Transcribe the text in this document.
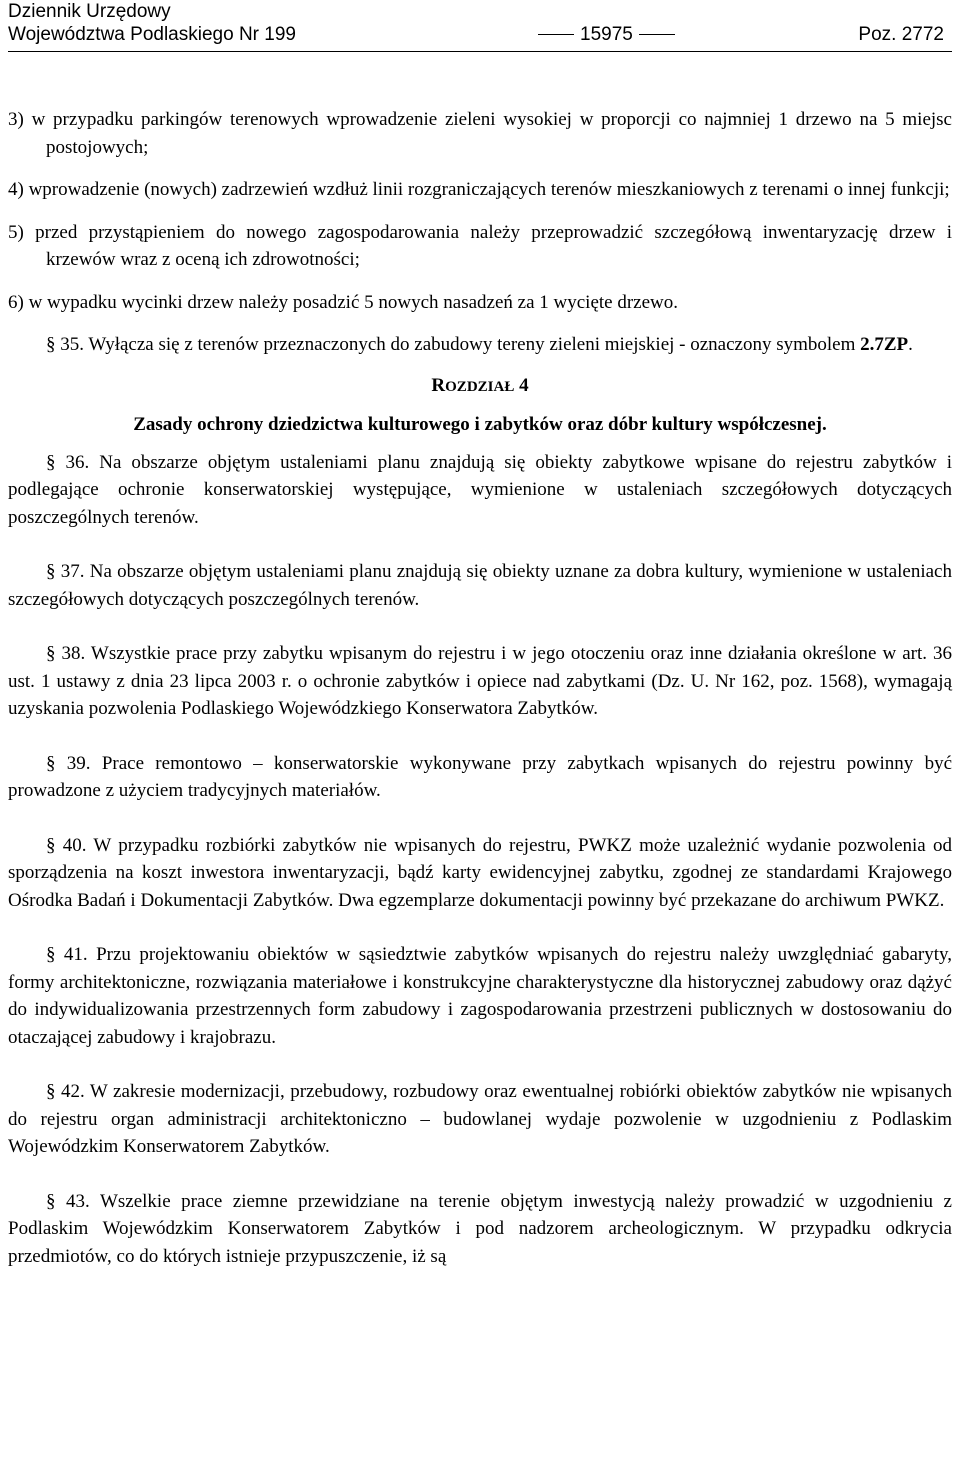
Dziennik Urzędowy
Województwa Podlaskiego Nr 199	15975	Poz. 2772

3) w przypadku parkingów terenowych wprowadzenie zieleni wysokiej w proporcji co najmniej 1 drzewo na 5 miejsc postojowych;

4) wprowadzenie (nowych) zadrzewień wzdłuż linii rozgraniczających terenów mieszkaniowych z terenami o innej funkcji;

5) przed przystąpieniem do nowego zagospodarowania należy przeprowadzić szczegółową inwentaryzację drzew i krzewów wraz z oceną ich zdrowotności;

6) w wypadku wycinki drzew należy posadzić 5 nowych nasadzeń za 1 wycięte drzewo.

§ 35. Wyłącza się z terenów przeznaczonych do zabudowy tereny zieleni miejskiej - oznaczony symbolem 2.7ZP.

ROZDZIAŁ 4
Zasady ochrony dziedzictwa kulturowego i zabytków oraz dóbr kultury współczesnej.

§ 36. Na obszarze objętym ustaleniami planu znajdują się obiekty zabytkowe wpisane do rejestru zabytków i podlegające ochronie konserwatorskiej występujące, wymienione w ustaleniach szczegółowych dotyczących poszczególnych terenów.

§ 37. Na obszarze objętym ustaleniami planu znajdują się obiekty uznane za dobra kultury, wymienione w ustaleniach szczegółowych dotyczących poszczególnych terenów.

§ 38. Wszystkie prace przy zabytku wpisanym do rejestru i w jego otoczeniu oraz inne działania określone w art. 36 ust. 1 ustawy z dnia 23 lipca 2003 r. o ochronie zabytków i opiece nad zabytkami (Dz. U. Nr 162, poz. 1568), wymagają uzyskania pozwolenia Podlaskiego Wojewódzkiego Konserwatora Zabytków.

§ 39. Prace remontowo – konserwatorskie wykonywane przy zabytkach wpisanych do rejestru powinny być prowadzone z użyciem tradycyjnych materiałów.

§ 40. W przypadku rozbiórki zabytków nie wpisanych do rejestru, PWKZ może uzależnić wydanie pozwolenia od sporządzenia na koszt inwestora inwentaryzacji, bądź karty ewidencyjnej zabytku, zgodnej ze standardami Krajowego Ośrodka Badań i Dokumentacji Zabytków. Dwa egzemplarze dokumentacji powinny być przekazane do archiwum PWKZ.

§ 41. Przu projektowaniu obiektów w sąsiedztwie zabytków wpisanych do rejestru należy uwzględniać gabaryty, formy architektoniczne, rozwiązania materiałowe i konstrukcyjne charakterystyczne dla historycznej zabudowy oraz dążyć do indywidualizowania przestrzennych form zabudowy i zagospodarowania przestrzeni publicznych w dostosowaniu do otaczającej zabudowy i krajobrazu.

§ 42. W zakresie modernizacji, przebudowy, rozbudowy oraz ewentualnej robiórki obiektów zabytków nie wpisanych do rejestru organ administracji architektoniczno – budowlanej wydaje pozwolenie w uzgodnieniu z Podlaskim Wojewódzkim Konserwatorem Zabytków.

§ 43. Wszelkie prace ziemne przewidziane na terenie objętym inwestycją należy prowadzić w uzgodnieniu z Podlaskim Wojewódzkim Konserwatorem Zabytków i pod nadzorem archeologicznym. W przypadku odkrycia przedmiotów, co do których istnieje przypuszczenie, iż są
